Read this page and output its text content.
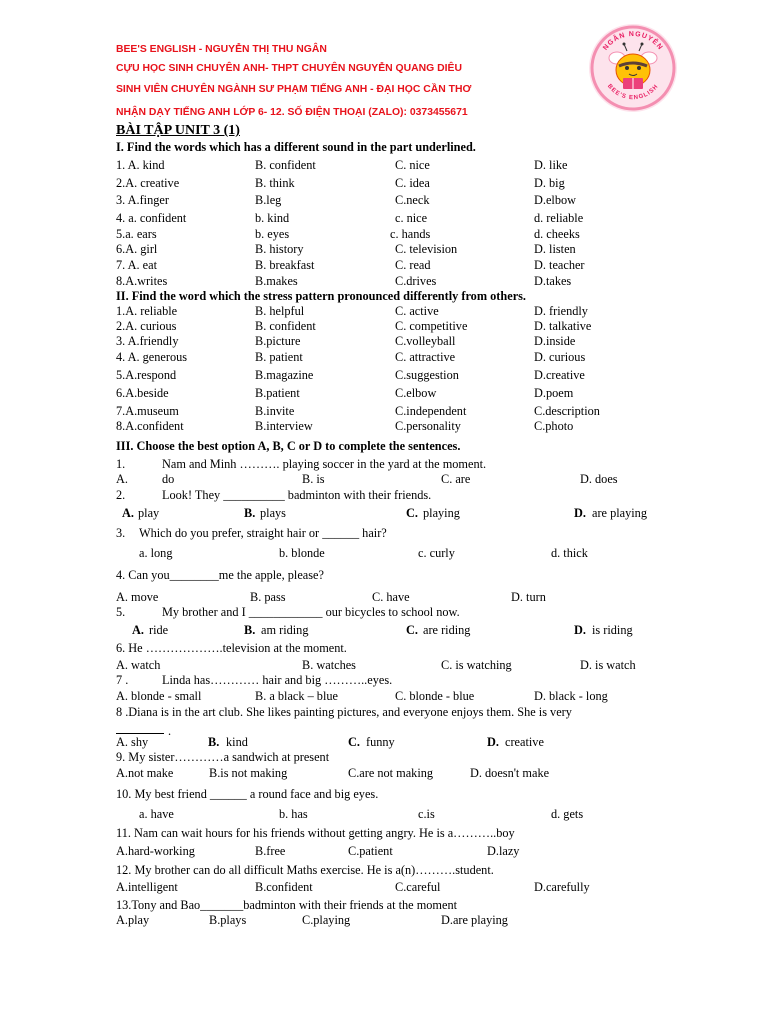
BEE'S ENGLISH - NGUYỄN THỊ THU NGÂN
CỰU HỌC SINH CHUYÊN ANH- THPT CHUYÊN NGUYỄN QUANG DIÊU
SINH VIÊN CHUYÊN NGÀNH SƯ PHẠM TIẾNG ANH - ĐẠI HỌC CẦN THƠ
NHẬN DẠY TIẾNG ANH LỚP 6- 12. SỐ ĐIỆN THOẠI (ZALO): 0373455671
NGÂN NGUYỄN
BEE'S ENGLISH
BÀI TẬP UNIT 3 (1)
I. Find the words which has a different sound in the part underlined.
1. A. kind	B. confident	C. nice	D. like
2.A. creative	B. think	C. idea	D. big
3. A.finger	B.leg	C.neck	D.elbow
4. a. confident	b. kind	c. nice	d. reliable
5.a. ears	b. eyes	c. hands	d. cheeks
6.A. girl	B. history	C. television	D. listen
7. A. eat	B. breakfast	C. read	D. teacher
8.A.writes	B.makes	C.drives	D.takes
II. Find the word which the stress pattern pronounced differently from others.
1.A. reliable	B. helpful	C. active	D. friendly
2.A. curious	B. confident	C. competitive	D. talkative
3. A.friendly	B.picture	C.volleyball	D.inside
4. A. generous	B. patient	C. attractive	D. curious
5.A.respond	B.magazine	C.suggestion	D.creative
6.A.beside	B.patient	C.elbow	D.poem
7.A.museum	B.invite	C.independent	C.description
8.A.confident	B.interview	C.personality	C.photo
III. Choose the best option A, B, C or D to complete the sentences.
1.	Nam and Minh ………. playing soccer in the yard at the moment.
A.	do	B. is	C. are	D. does
2.	Look! They __________ badminton with their friends.
A. play	B. plays	C. playing	D. are playing
3. Which do you prefer, straight hair or ______ hair?
a. long	b. blonde	c. curly	d. thick
4. Can you________me the apple, please?
A. move	B. pass	C. have	D. turn
5.	My brother and I ____________ our bicycles to school now.
A. ride	B. am riding	C. are riding	D. is riding
6. He ……………….television at the moment.
A. watch	B. watches	C. is watching	D. is watch
7 .	Linda has………… hair and big ………..eyes.
A. blonde - small	B. a black – blue	C. blonde - blue	D. black - long
8 .Diana is in the art club. She likes painting pictures, and everyone enjoys them. She is very
.
A. shy	B. kind	C. funny	D. creative
9. My sister…………a sandwich at present
A.not make	B.is not making	C.are not making	D. doesn't make
10. My best friend ______ a round face and big eyes.
a. have	b. has	c.is	d. gets
11. Nam can wait hours for his friends without getting angry. He is a………..boy
A.hard-working	B.free	C.patient	D.lazy
12. My brother can do all difficult Maths exercise. He is a(n)……….student.
A.intelligent	B.confident	C.careful	D.carefully
13.Tony and Bao_______badminton with their friends at the moment
A.play	B.plays	C.playing	D.are playing
